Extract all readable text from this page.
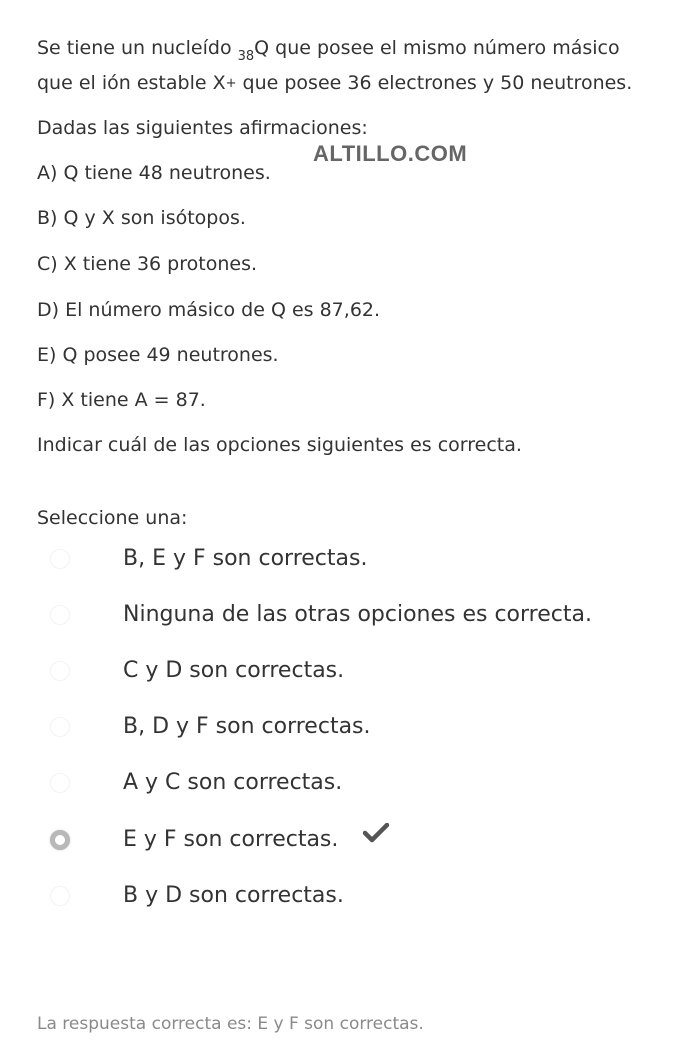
Se tiene un nucleído $_{38}$Q que posee el mismo número másico
que el ión estable X+ que posee 36 electrones y 50 neutrones.
Dadas las siguientes afirmaciones:
A) Q tiene 48 neutrones.
B) Q y X son isótopos.
C) X tiene 36 protones.
D) El número másico de Q es 87,62.
E) Q posee 49 neutrones.
F) X tiene A = 87.
Indicar cuál de las opciones siguientes es correcta.
Seleccione una:
ALTILLO.COM
B, E y F son correctas.
Ninguna de las otras opciones es correcta.
C y D son correctas.
B, D y F son correctas.
A y C son correctas.
E y F son correctas.
B y D son correctas.
La respuesta correcta es: E y F son correctas.
